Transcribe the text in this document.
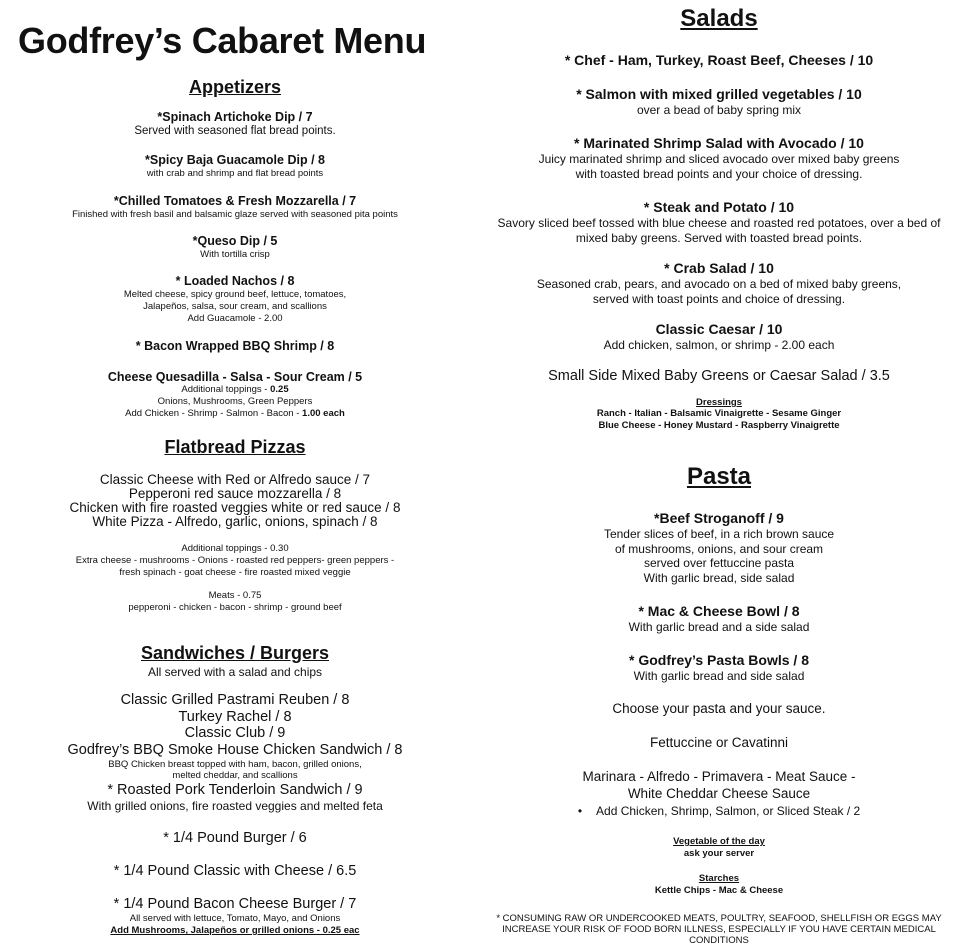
Godfrey’s Cabaret Menu
Appetizers
*Spinach Artichoke Dip / 7
Served with seasoned flat bread points.
*Spicy Baja Guacamole Dip / 8
with crab and shrimp and flat bread points
*Chilled Tomatoes & Fresh Mozzarella / 7
Finished with fresh basil and balsamic glaze served with seasoned pita points
*Queso Dip / 5
With tortilla crisp
* Loaded Nachos / 8
Melted cheese, spicy ground beef, lettuce, tomatoes,
Jalapeños, salsa, sour cream, and scallions
Add Guacamole - 2.00
* Bacon Wrapped BBQ Shrimp / 8
Cheese Quesadilla - Salsa - Sour Cream / 5
Additional toppings - 0.25
Onions, Mushrooms, Green Peppers
Add Chicken - Shrimp - Salmon - Bacon - 1.00 each
Flatbread Pizzas
Classic Cheese with Red or Alfredo sauce / 7
Pepperoni red sauce mozzarella / 8
Chicken with fire roasted veggies white or red sauce / 8
White Pizza - Alfredo, garlic, onions, spinach / 8
Additional toppings - 0.30
Extra cheese - mushrooms - Onions - roasted red peppers- green peppers -
fresh spinach - goat cheese - fire roasted mixed veggie
Meats - 0.75
pepperoni - chicken - bacon - shrimp - ground beef
Sandwiches / Burgers
All served with a salad and chips
Classic Grilled Pastrami Reuben / 8
Turkey Rachel / 8
Classic Club / 9
Godfrey’s BBQ Smoke House Chicken Sandwich / 8
BBQ Chicken breast topped with ham, bacon, grilled onions,
melted cheddar, and scallions
* Roasted Pork Tenderloin Sandwich / 9
With grilled onions, fire roasted veggies and melted feta
* 1/4 Pound Burger / 6
* 1/4 Pound Classic with Cheese / 6.5
* 1/4 Pound Bacon Cheese Burger / 7
All served with lettuce, Tomato, Mayo, and Onions
Add Mushrooms, Jalapeños or grilled onions - 0.25 eac
Salads
* Chef - Ham, Turkey, Roast Beef, Cheeses / 10
* Salmon with mixed grilled vegetables / 10
over a bead of baby spring mix
* Marinated Shrimp Salad with Avocado / 10
Juicy marinated shrimp and sliced avocado over mixed baby greens
with toasted bread points and your choice of dressing.
* Steak and Potato / 10
Savory sliced beef tossed with blue cheese and roasted red potatoes, over a bed of
mixed baby greens. Served with toasted bread points.
* Crab Salad / 10
Seasoned crab, pears, and avocado on a bed of mixed baby greens,
served with toast points and choice of dressing.
Classic Caesar / 10
Add chicken, salmon, or shrimp - 2.00 each
Small Side Mixed Baby Greens or Caesar Salad / 3.5
Dressings
Ranch - Italian - Balsamic Vinaigrette - Sesame Ginger
Blue Cheese - Honey Mustard - Raspberry Vinaigrette
Pasta
*Beef Stroganoff / 9
Tender slices of beef, in a rich brown sauce
of mushrooms, onions, and sour cream
served over fettuccine pasta
With garlic bread, side salad
* Mac & Cheese Bowl / 8
With garlic bread and a side salad
* Godfrey’s Pasta Bowls / 8
With garlic bread and side salad
Choose your pasta and your sauce.
Fettuccine or Cavatinni
Marinara - Alfredo - Primavera - Meat Sauce -
White Cheddar Cheese Sauce
• Add Chicken, Shrimp, Salmon, or Sliced Steak / 2
Vegetable of the day
ask your server
Starches
Kettle Chips - Mac & Cheese
* CONSUMING RAW OR UNDERCOOKED MEATS, POULTRY, SEAFOOD, SHELLFISH OR EGGS MAY
INCREASE YOUR RISK OF FOOD BORN ILLNESS, ESPECIALLY IF YOU HAVE CERTAIN MEDICAL
CONDITIONS
